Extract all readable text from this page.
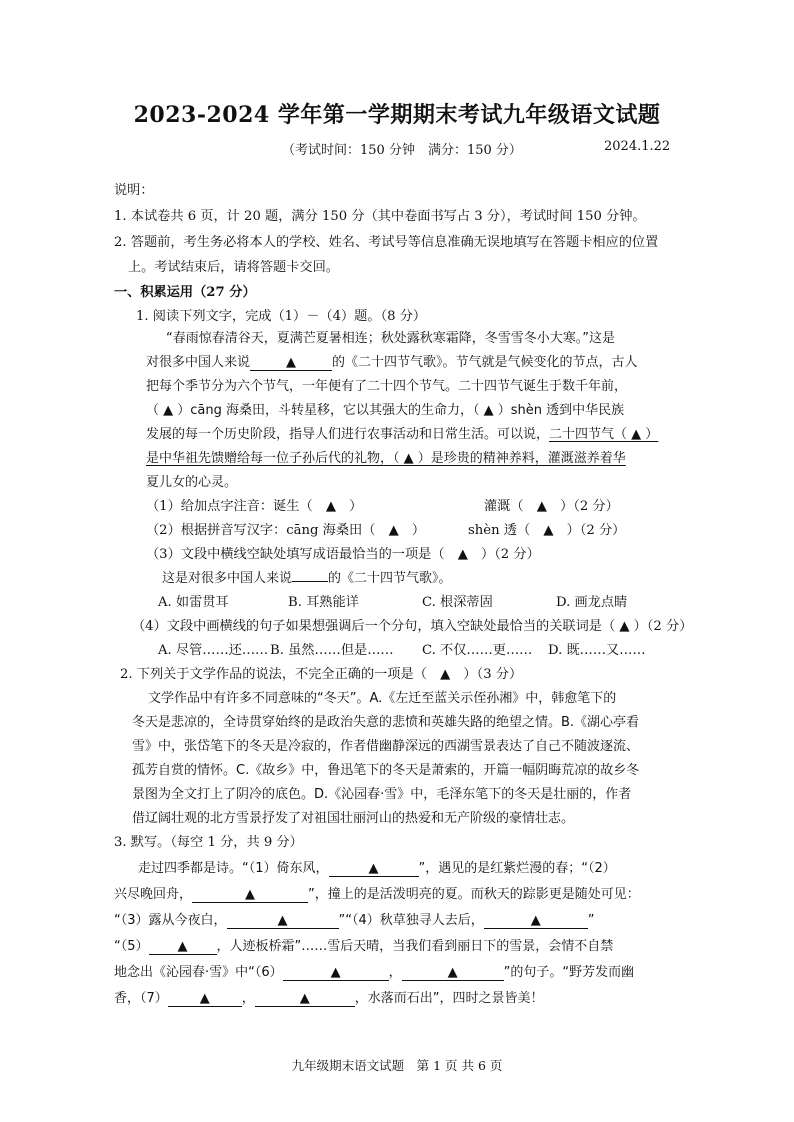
2023-2024 学年第一学期期末考试九年级语文试题
（考试时间：150 分钟　满分：150 分）	2024.1.22
说明：
1. 本试卷共 6 页，计 20 题，满分 150 分（其中卷面书写占 3 分），考试时间 150 分钟。
2. 答题前，考生务必将本人的学校、姓名、考试号等信息准确无误地填写在答题卡相应的位置
上。考试结束后，请将答题卡交回。
一、积累运用（27 分）
1. 阅读下列文字，完成（1）－（4）题。（8 分）
“春雨惊春清谷天，夏满芒夏暑相连；秋处露秋寒霜降，冬雪雪冬小大寒。”这是
对很多中国人来说	▲	的《二十四节气歌》。节气就是气候变化的节点，古人
把每个季节分为六个节气，一年便有了二十四个节气。二十四节气诞生于数千年前，
（ ▲ ）cāng 海桑田，斗转星移，它以其强大的生命力，（ ▲ ）shèn 透到中华民族
发展的每一个历史阶段，指导人们进行农事活动和日常生活。可以说，二十四节气（ ▲ ）
是中华祖先馈赠给每一位子孙后代的礼物，（ ▲ ）是珍贵的精神养料，灌溉滋养着华
夏儿女的心灵。
（1）给加点字注音：诞生（　▲　）	灌溉（　▲　）（2 分）
（2）根据拼音写汉字：cāng 海桑田（　▲　）	shèn 透（　▲　）（2 分）
（3）文段中横线空缺处填写成语最恰当的一项是（　▲　）（2 分）
这是对很多中国人来说	的《二十四节气歌》。
A. 如雷贯耳	B. 耳熟能详	C. 根深蒂固	D. 画龙点睛
（4）文段中画横线的句子如果想强调后一个分句，填入空缺处最恰当的关联词是（ ▲ ）（2 分）
A. 尽管……还…… B. 虽然……但是…… C. 不仅……更…… D. 既……又……
2. 下列关于文学作品的说法，不完全正确的一项是（　▲　）（3 分）
文学作品中有许多不同意味的“冬天”。A.《左迁至蓝关示侄孙湘》中，韩愈笔下的
冬天是悲凉的，全诗贯穿始终的是政治失意的悲愤和英雄失路的绝望之情。B.《湖心亭看
雪》中，张岱笔下的冬天是冷寂的，作者借幽静深远的西湖雪景表达了自己不随波逐流、
孤芳自赏的情怀。C.《故乡》中，鲁迅笔下的冬天是萧索的，开篇一幅阴晦荒凉的故乡冬
景图为全文打上了阴冷的底色。D.《沁园春·雪》中，毛泽东笔下的冬天是壮丽的，作者
借辽阔壮观的北方雪景抒发了对祖国壮丽河山的热爱和无产阶级的豪情壮志。
3. 默写。（每空 1 分，共 9 分）
走过四季都是诗。“（1）倚东风，	▲	”，遇见的是红紫烂漫的春；“（2）
兴尽晚回舟，	▲	”，撞上的是活泼明亮的夏。而秋天的踪影更是随处可见：
“（3）露从今夜白，	▲	”“（4）秋草独寻人去后，	▲	”
“（5） ▲ ，人迹板桥霜”……雪后天晴，当我们看到丽日下的雪景，会情不自禁
地念出《沁园春·雪》中“（6）	▲	，	▲	”的句子。“野芳发而幽
香，（7） ▲ ，	▲	，水落而石出”，四时之景皆美！
九年级期末语文试题　第 1 页 共 6 页
